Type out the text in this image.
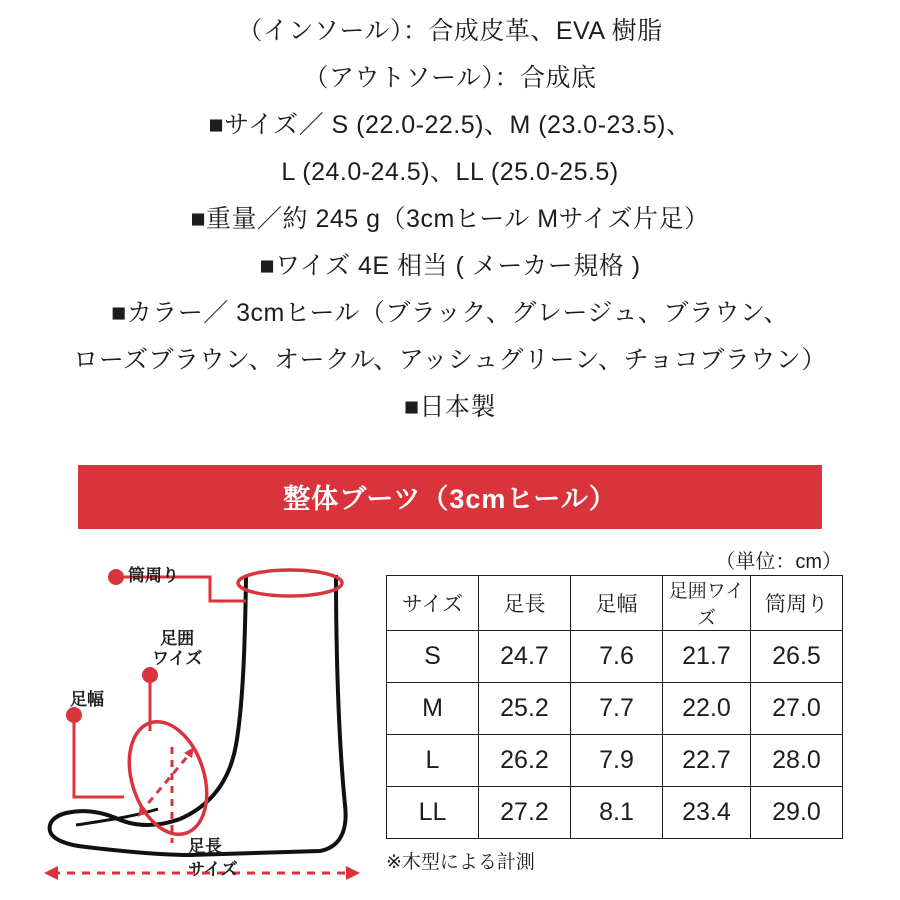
（インソール）：合成皮革、EVA 樹脂
（アウトソール）：合成底
■サイズ／ S (22.0-22.5)、M (23.0-23.5)、
L (24.0-24.5)、LL (25.0-25.5)
■重量／約 245 g（3cmヒール Mサイズ片足）
■ワイズ 4E 相当 ( メーカー規格 )
■カラー／ 3cmヒール（ブラック、グレージュ、ブラウン、
ローズブラウン、オークル、アッシュグリーン、チョコブラウン）
■日本製
整体ブーツ（3cmヒール）
（単位：cm）
筒周り
足囲
ワイズ
足幅
足長
サイズ
サイズ	足長	足幅	足囲ワイズ	筒周り
S	24.7	7.6	21.7	26.5
M	25.2	7.7	22.0	27.0
L	26.2	7.9	22.7	28.0
LL	27.2	8.1	23.4	29.0
※木型による計測
